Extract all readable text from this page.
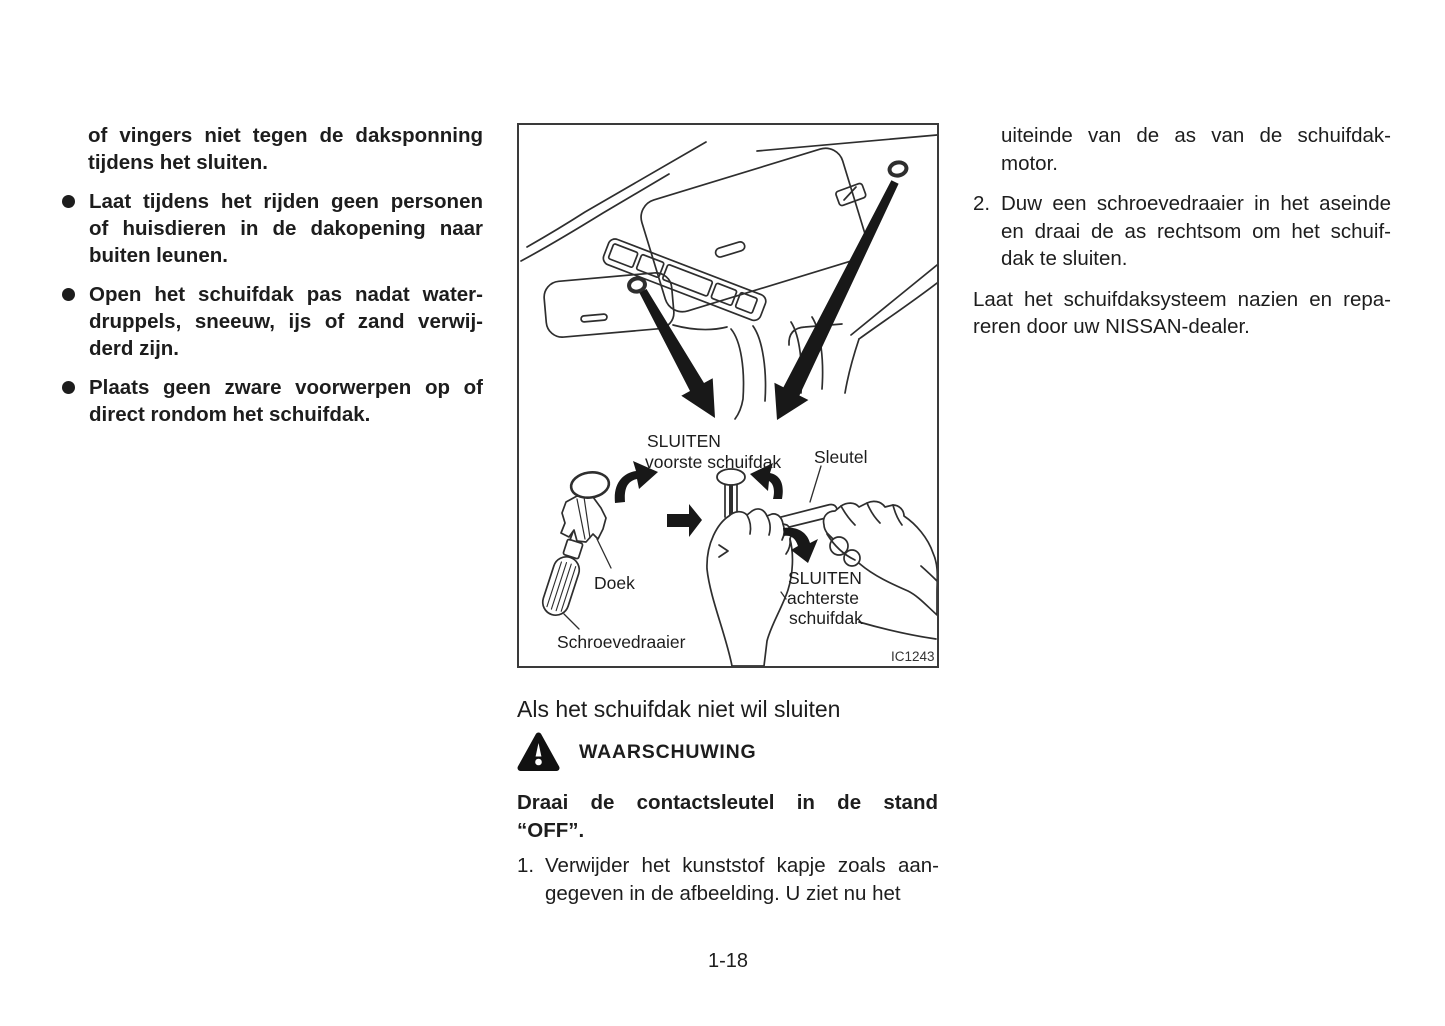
of vingers niet tegen de daksponning
tijdens het sluiten.
Laat tijdens het rijden geen personen
of huisdieren in de dakopening naar
buiten leunen.
Open het schuifdak pas nadat water-
druppels, sneeuw, ijs of zand verwij-
derd zijn.
Plaats geen zware voorwerpen op of
direct rondom het schuifdak.
SLUITEN
voorste schuifdak Sleutel
Doek
Schroevedraaier
SLUITEN
achterste
schuifdak
IC1243
Als het schuifdak niet wil sluiten
WAARSCHUWING
Draai de contactsleutel in de stand
“OFF”.
1. Verwijder het kunststof kapje zoals aan-
gegeven in de afbeelding. U ziet nu het
1-18
uiteinde van de as van de schuifdak-
motor.
2. Duw een schroevedraaier in het aseinde
en draai de as rechtsom om het schuif-
dak te sluiten.
Laat het schuifdaksysteem nazien en repa-
reren door uw NISSAN-dealer.
